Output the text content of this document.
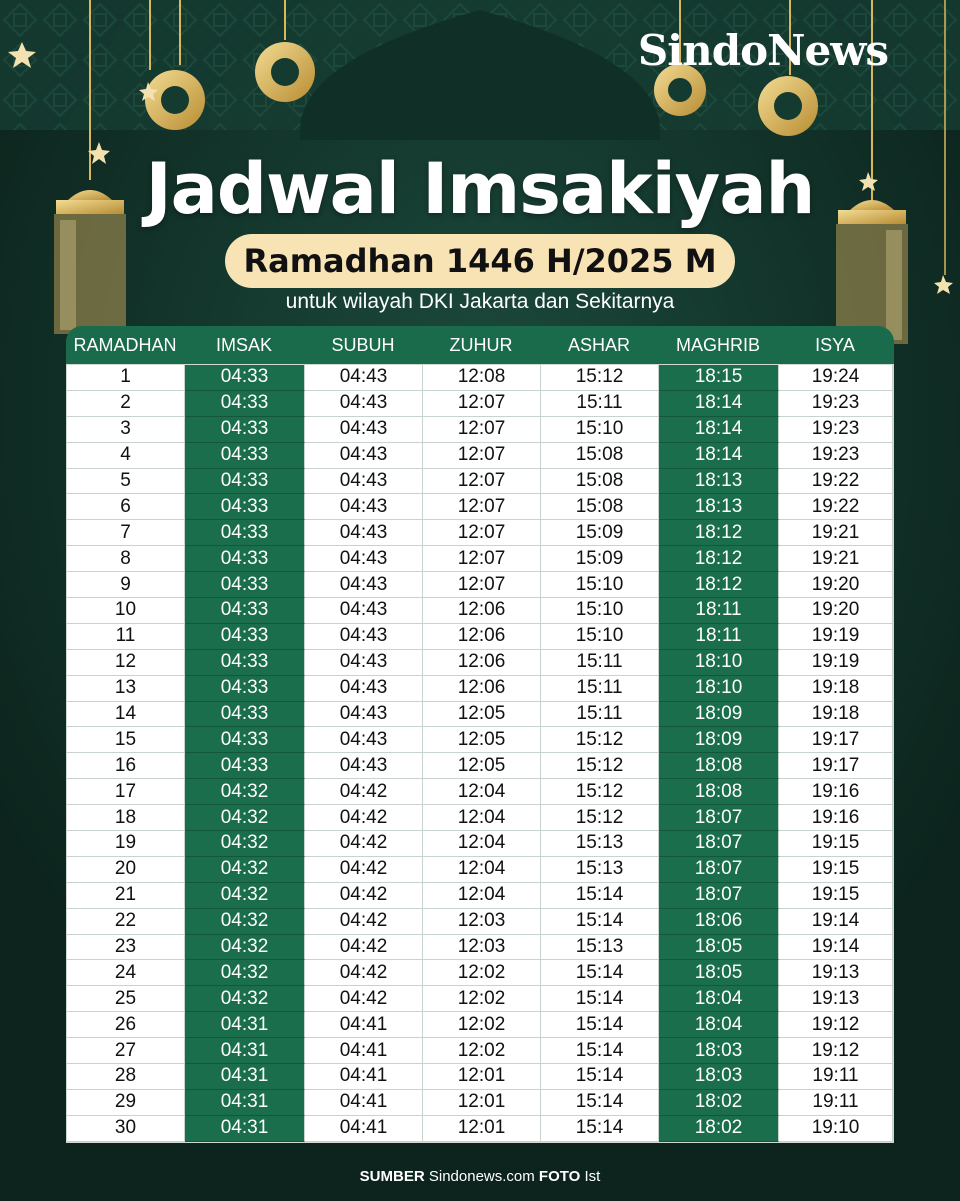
SindoNews
Jadwal Imsakiyah
Ramadhan 1446 H/2025 M
untuk wilayah DKI Jakarta dan Sekitarnya
RAMADHAN	IMSAK	SUBUH	ZUHUR	ASHAR	MAGHRIB	ISYA
1	04:33	04:43	12:08	15:12	18:15	19:24
2	04:33	04:43	12:07	15:11	18:14	19:23
3	04:33	04:43	12:07	15:10	18:14	19:23
4	04:33	04:43	12:07	15:08	18:14	19:23
5	04:33	04:43	12:07	15:08	18:13	19:22
6	04:33	04:43	12:07	15:08	18:13	19:22
7	04:33	04:43	12:07	15:09	18:12	19:21
8	04:33	04:43	12:07	15:09	18:12	19:21
9	04:33	04:43	12:07	15:10	18:12	19:20
10	04:33	04:43	12:06	15:10	18:11	19:20
11	04:33	04:43	12:06	15:10	18:11	19:19
12	04:33	04:43	12:06	15:11	18:10	19:19
13	04:33	04:43	12:06	15:11	18:10	19:18
14	04:33	04:43	12:05	15:11	18:09	19:18
15	04:33	04:43	12:05	15:12	18:09	19:17
16	04:33	04:43	12:05	15:12	18:08	19:17
17	04:32	04:42	12:04	15:12	18:08	19:16
18	04:32	04:42	12:04	15:12	18:07	19:16
19	04:32	04:42	12:04	15:13	18:07	19:15
20	04:32	04:42	12:04	15:13	18:07	19:15
21	04:32	04:42	12:04	15:14	18:07	19:15
22	04:32	04:42	12:03	15:14	18:06	19:14
23	04:32	04:42	12:03	15:13	18:05	19:14
24	04:32	04:42	12:02	15:14	18:05	19:13
25	04:32	04:42	12:02	15:14	18:04	19:13
26	04:31	04:41	12:02	15:14	18:04	19:12
27	04:31	04:41	12:02	15:14	18:03	19:12
28	04:31	04:41	12:01	15:14	18:03	19:11
29	04:31	04:41	12:01	15:14	18:02	19:11
30	04:31	04:41	12:01	15:14	18:02	19:10
SUMBER Sindonews.com FOTO Ist
